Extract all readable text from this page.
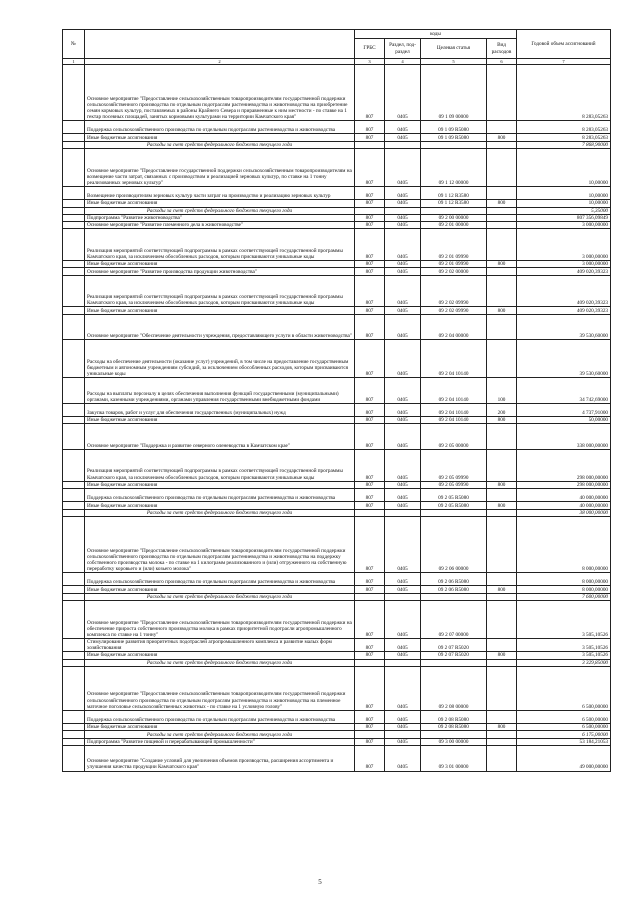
№		коды				Годовой объем ассигнований
		ГРБС	Раздел, под-раздел	Целевая статья	Вид расходов	
1	2	3	4	5	6	7
	Основное мероприятие "Предоставление сельскохозяйственным товаропроизводителям государственной поддержки сельскохозяйственного производства по отдельным подотраслям растениеводства и животноводства на приобретение семян кормовых культур, поставляемых в районы Крайнего Севера и приравненные к ним местности - по ставке на 1 гектар посевных площадей, занятых кормовыми культурами на территории Камчатского края"	807	0405	09 1 09 00000		8 283,05263
	Поддержка сельскохозяйственного производства по отдельным подотраслям растениеводства и животноводства	807	0405	09 1 09 R5080		8 283,05263
	Иные бюджетные ассигнования	807	0405	09 1 09 R5080	800	8 283,05263
	Расходы за счет средств федерального бюджета текущего года					7 868,90000
	Основное мероприятие "Предоставление государственной поддержки сельскохозяйственным товаропроизводителям на возмещение части затрат, связанных с производством и реализацией зерновых культур, по ставке на 1 тонну реализованных зерновых культур"	807	0405	09 1 12 00000		10,00000
	Возмещение производителям зерновых культур части затрат на производство и реализацию зерновых культур	807	0405	09 1 12 R3580		10,00000
	Иные бюджетные ассигнования	807	0405	09 1 12 R3580	800	10,00000
	Расходы за счет средств федерального бюджета текущего года					5,35000
	Подпрограмма "Развитие животноводства"	807	0405	09 2 00 00000		807 356,09849
	Основное мероприятие "Развитие племенного дела в животноводстве"	807	0405	09 2 01 00000		3 000,00000
	Реализация мероприятий соответствующей подпрограммы в рамках соответствующей государственной программы Камчатского края, за исключением обособленных расходов, которым присваиваются уникальные коды	807	0405	09 2 01 09990		3 000,00000
	Иные бюджетные ассигнования	807	0405	09 2 01 09990	800	3 000,00000
	Основное мероприятие "Развитие производства продукции животноводства"	807	0405	09 2 02 00000		409 020,39323
	Реализация мероприятий соответствующей подпрограммы в рамках соответствующей государственной программы Камчатского края, за исключением обособленных расходов, которым присваиваются уникальные коды	807	0405	09 2 02 09990		409 020,39323
	Иные бюджетные ассигнования	807	0405	09 2 02 09990	800	409 020,39323
	Основное мероприятие "Обеспечение деятельности учреждения, предоставляющего услуги в области животноводства"	807	0405	09 2 04 00000		39 530,60000
	Расходы на обеспечение деятельности (оказание услуг) учреждений, в том числе на предоставление государственным бюджетным и автономным учреждениям субсидий, за исключением обособленных расходов, которым присваиваются уникальные коды	807	0405	09 2 04 10140		39 530,60000
	Расходы на выплаты персоналу в целях обеспечения выполнения функций государственными (муниципальными) органами, казенными учреждениями, органами управления государственными внебюджетными фондами	807	0405	09 2 04 10140	100	34 742,69000
	Закупка товаров, работ и услуг для обеспечения государственных (муниципальных) нужд	807	0405	09 2 04 10140	200	4 737,91000
	Иные бюджетные ассигнования	807	0405	09 2 04 10140	800	50,00000
	Основное мероприятие "Поддержка и развитие северного оленеводства в Камчатском крае"	807	0405	09 2 05 00000		338 000,00000
	Реализация мероприятий соответствующей подпрограммы в рамках соответствующей государственной программы Камчатского края, за исключением обособленных расходов, которым присваиваются уникальные коды	807	0405	09 2 05 09990		298 000,00000
	Иные бюджетные ассигнования	807	0405	09 2 05 09990	800	298 000,00000
	Поддержка сельскохозяйственного производства по отдельным подотраслям растениеводства и животноводства	807	0405	09 2 05 R5080		40 000,00000
	Иные бюджетные ассигнования	807	0405	09 2 05 R5080	800	40 000,00000
	Расходы за счет средств федерального бюджета текущего года					38 000,00000
	Основное мероприятие "Предоставление сельскохозяйственным товаропроизводителям государственной поддержки сельскохозяйственного производства по отдельным подотраслям растениеводства и животноводства на поддержку собственного производства молока - по ставке на 1 килограмм реализованного и (или) отгруженного на собственную переработку коровьего и (или) козьего молока"	807	0405	09 2 06 00000		8 000,00000
	Поддержка сельскохозяйственного производства по отдельным подотраслям растениеводства и животноводства	807	0405	09 2 06 R5080		8 000,00000
	Иные бюджетные ассигнования	807	0405	09 2 06 R5080	800	8 000,00000
	Расходы за счет средств федерального бюджета текущего года					7 600,00000
	Основное мероприятие "Предоставление сельскохозяйственным товаропроизводителям государственной поддержки на обеспечение прироста собственного производства молока в рамках приоритетной подотрасли агропромышленного комплекса по ставке на 1 тонну"	807	0405	09 2 07 00000		3 505,10526
	Стимулирование развития приоритетных подотраслей агропромышленного комплекса и развитие малых форм хозяйствования	807	0405	09 2 07 R5020		3 505,10526
	Иные бюджетные ассигнования	807	0405	09 2 07 R5020	800	3 505,10526
	Расходы за счет средств федерального бюджета текущего года					3 329,85000
	Основное мероприятие "Предоставление сельскохозяйственным товаропроизводителям государственной поддержки сельскохозяйственного производства по отдельным подотраслям растениеводства и животноводства на племенное маточное поголовье сельскохозяйственных животных - по ставке на 1 условную голову"	807	0405	09 2 08 00000		6 500,00000
	Поддержка сельскохозяйственного производства по отдельным подотраслям растениеводства и животноводства	807	0405	09 2 08 R5080		6 500,00000
	Иные бюджетные ассигнования	807	0405	09 2 08 R5080	800	6 500,00000
	Расходы за счет средств федерального бюджета текущего года					6 175,00000
	Подпрограмма "Развитие пищевой и перерабатывающей промышленности"	807	0405	09 3 00 00000		53 184,21053
	Основное мероприятие "Создание условий для увеличения объемов производства, расширения ассортимента и улучшения качества продукции Камчатского края"	807	0405	09 3 01 00000		49 000,00000
5
